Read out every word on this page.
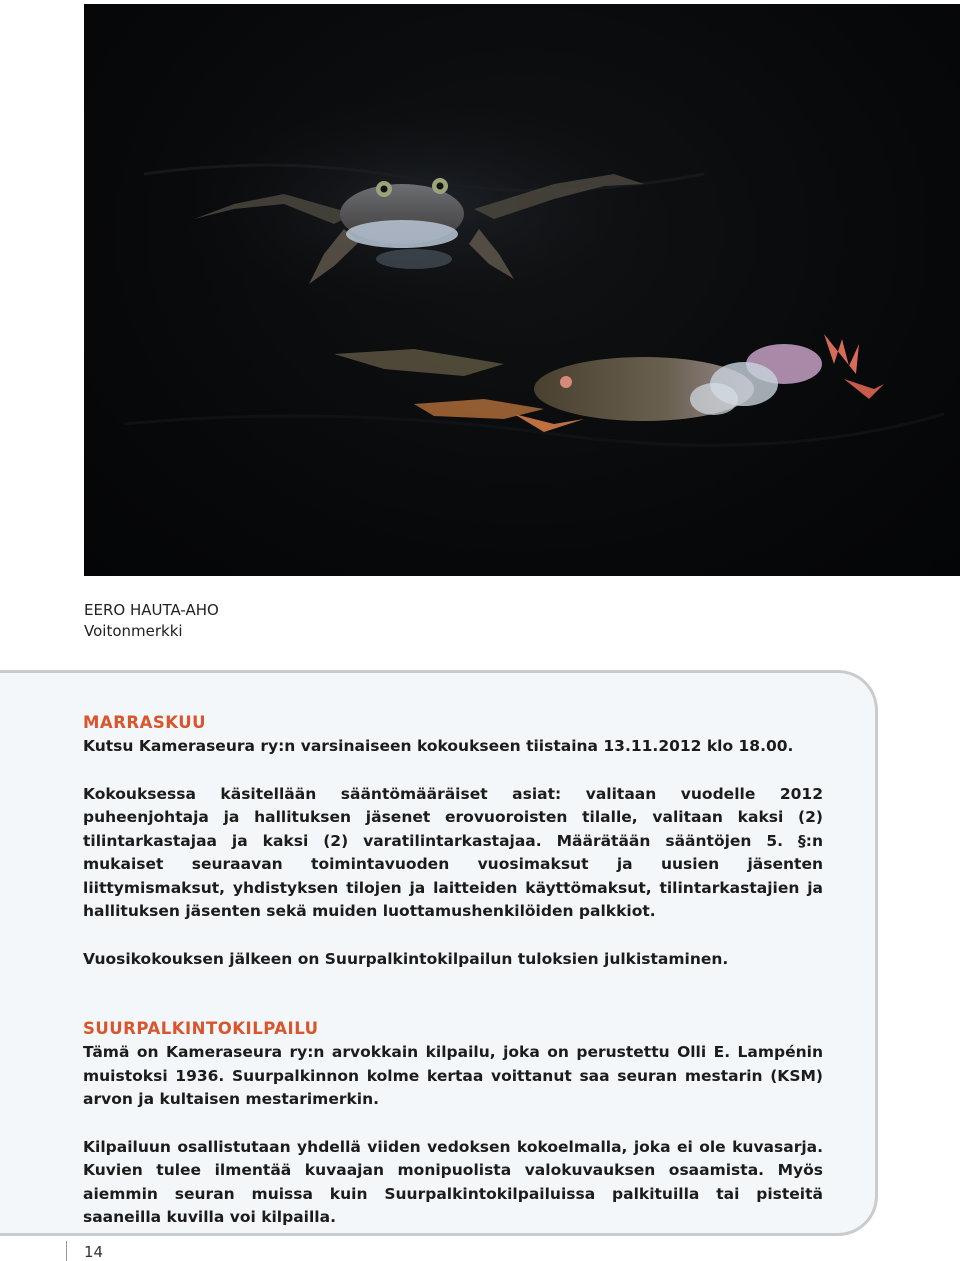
EERO HAUTA-AHO
Voitonmerkki
MARRASKUU
Kutsu Kameraseura ry:n varsinaiseen kokoukseen tiistaina 13.11.2012 klo 18.00.

Kokouksessa käsitellään sääntömääräiset asiat: valitaan vuodelle 2012 puheenjohtaja ja hallituksen jäsenet erovuoroisten tilalle, valitaan kaksi (2) tilintarkastajaa ja kaksi (2) varatilintarkastajaa. Määrätään sääntöjen 5. §:n mukaiset seuraavan toimintavuoden vuosimaksut ja uusien jäsenten liittymismaksut, yhdistyksen tilojen ja laitteiden käyttömaksut, tilintarkastajien ja hallituksen jäsenten sekä muiden luottamushenkilöiden palkkiot.

Vuosikokouksen jälkeen on Suurpalkintokilpailun tuloksien julkistaminen.

SUURPALKINTOKILPAILU

Tämä on Kameraseura ry:n arvokkain kilpailu, joka on perustettu Olli E. Lampénin muistoksi 1936. Suurpalkinnon kolme kertaa voittanut saa seuran mestarin (KSM) arvon ja kultaisen mestarimerkin.

Kilpailuun osallistutaan yhdellä viiden vedoksen kokoelmalla, joka ei ole kuvasarja. Kuvien tulee ilmentää kuvaajan monipuolista valokuvauksen osaamista. Myös aiemmin seuran muissa kuin Suurpalkintokilpailuissa palkituilla tai pisteitä saaneilla kuvilla voi kilpailla.

14
